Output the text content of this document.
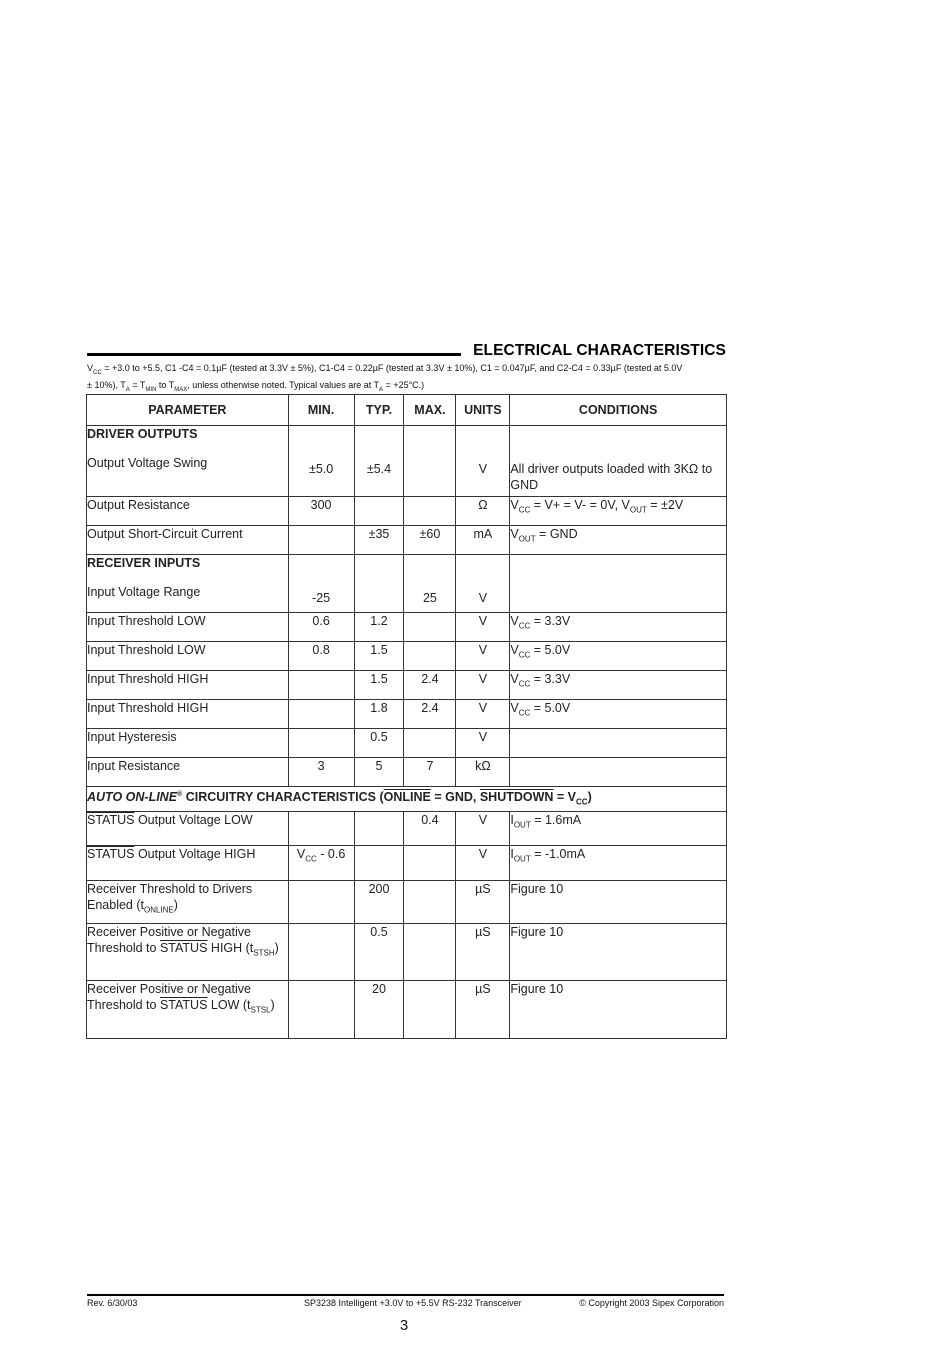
ELECTRICAL CHARACTERISTICS
$V_{CC} = +3.0$ to +5.5, C1 -C4 = 0.1µF (tested at 3.3V ± 5%), C1-C4 = 0.22µF (tested at 3.3V ± 10%), C1 = 0.047µF, and C2-C4 = 0.33µF (tested at 5.0V
± 10%), $T_A = T_{MIN}$ to $T_{MAX}$, unless otherwise noted. Typical values are at $T_A = +25^\circ C$.)
PARAMETER	MIN.	TYP.	MAX.	UNITS	CONDITIONS

DRIVER OUTPUTS
Output Voltage Swing	±5.0	±5.4		V	All driver outputs loaded with 3KΩ to GND
Output Resistance	300			Ω	$V_{CC} = V+ = V- = 0V$, $V_{OUT} = \pm 2V$
Output Short-Circuit Current		±35	±60	mA	$V_{OUT}$ = GND

RECEIVER INPUTS
Input Voltage Range	-25		25	V	
Input Threshold LOW	0.6	1.2		V	$V_{CC} = 3.3V$
Input Threshold LOW	0.8	1.5		V	$V_{CC} = 5.0V$
Input Threshold HIGH		1.5	2.4	V	$V_{CC} = 3.3V$
Input Threshold HIGH		1.8	2.4	V	$V_{CC} = 5.0V$
Input Hysteresis		0.5		V	
Input Resistance	3	5	7	kΩ	
AUTO ON-LINE® CIRCUITRY CHARACTERISTICS (ONLINE = GND, SHUTDOWN = $V_{CC}$)					
STATUS Output Voltage LOW			0.4	V	$I_{OUT} = 1.6mA$
STATUS Output Voltage HIGH	$V_{CC} - 0.6$			V	$I_{OUT} = -1.0mA$
Receiver Threshold to Drivers Enabled $(t_{ONLINE})$		200		µS	Figure 10
Receiver Positive or Negative Threshold to STATUS HIGH $(t_{STSH})$		0.5		µS	Figure 10
Receiver Positive or Negative Threshold to STATUS LOW $(t_{STSL})$		20		µS	Figure 10
Rev. 6/30/03	SP3238 Intelligent +3.0V to +5.5V RS-232 Transceiver	© Copyright 2003 Sipex Corporation
3
